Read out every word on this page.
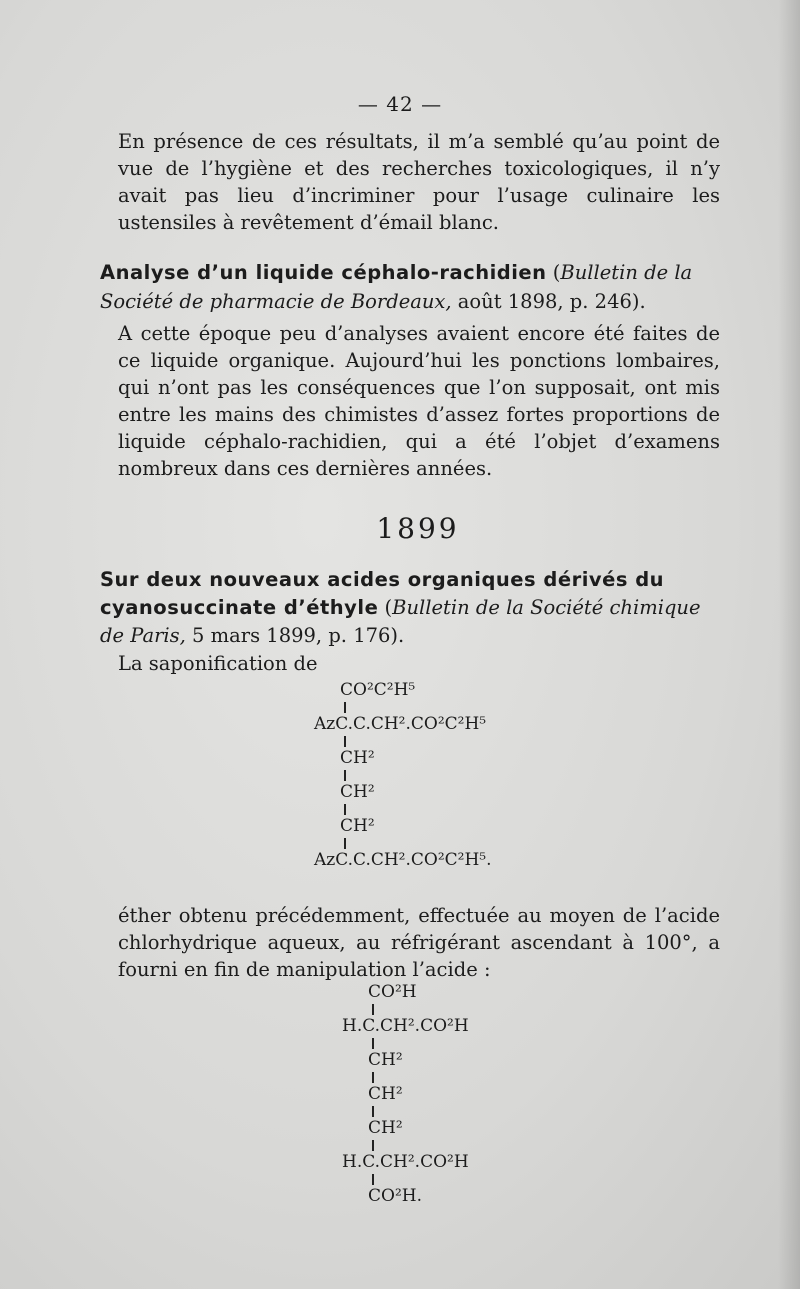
— 42 —
En présence de ces résultats, il m’a semblé qu’au point de vue de l’hygiène et des recherches toxicologiques, il n’y avait pas lieu d’incriminer pour l’usage culinaire les ustensiles à revêtement d’émail blanc.
Analyse d’un liquide céphalo-rachidien (Bulletin de la Société de pharmacie de Bordeaux, août 1898, p. 246).
A cette époque peu d’analyses avaient encore été faites de ce liquide organique. Aujourd’hui les ponctions lombaires, qui n’ont pas les conséquences que l’on supposait, ont mis entre les mains des chimistes d’assez fortes proportions de liquide céphalo-rachidien, qui a été l’objet d’examens nombreux dans ces dernières années.
1899
Sur deux nouveaux acides organiques dérivés du cyanosuccinate d’éthyle (Bulletin de la Société chimique de Paris, 5 mars 1899, p. 176).
La saponification de
CO²C²H⁵
AzC.C.CH².CO²C²H⁵
CH²
CH²
CH²
AzC.C.CH².CO²C²H⁵.
éther obtenu précédemment, effectuée au moyen de l’acide chlorhydrique aqueux, au réfrigérant ascendant à 100°, a fourni en fin de manipulation l’acide :
CO²H
H.C.CH².CO²H
CH²
CH²
CH²
H.C.CH².CO²H
CO²H.
